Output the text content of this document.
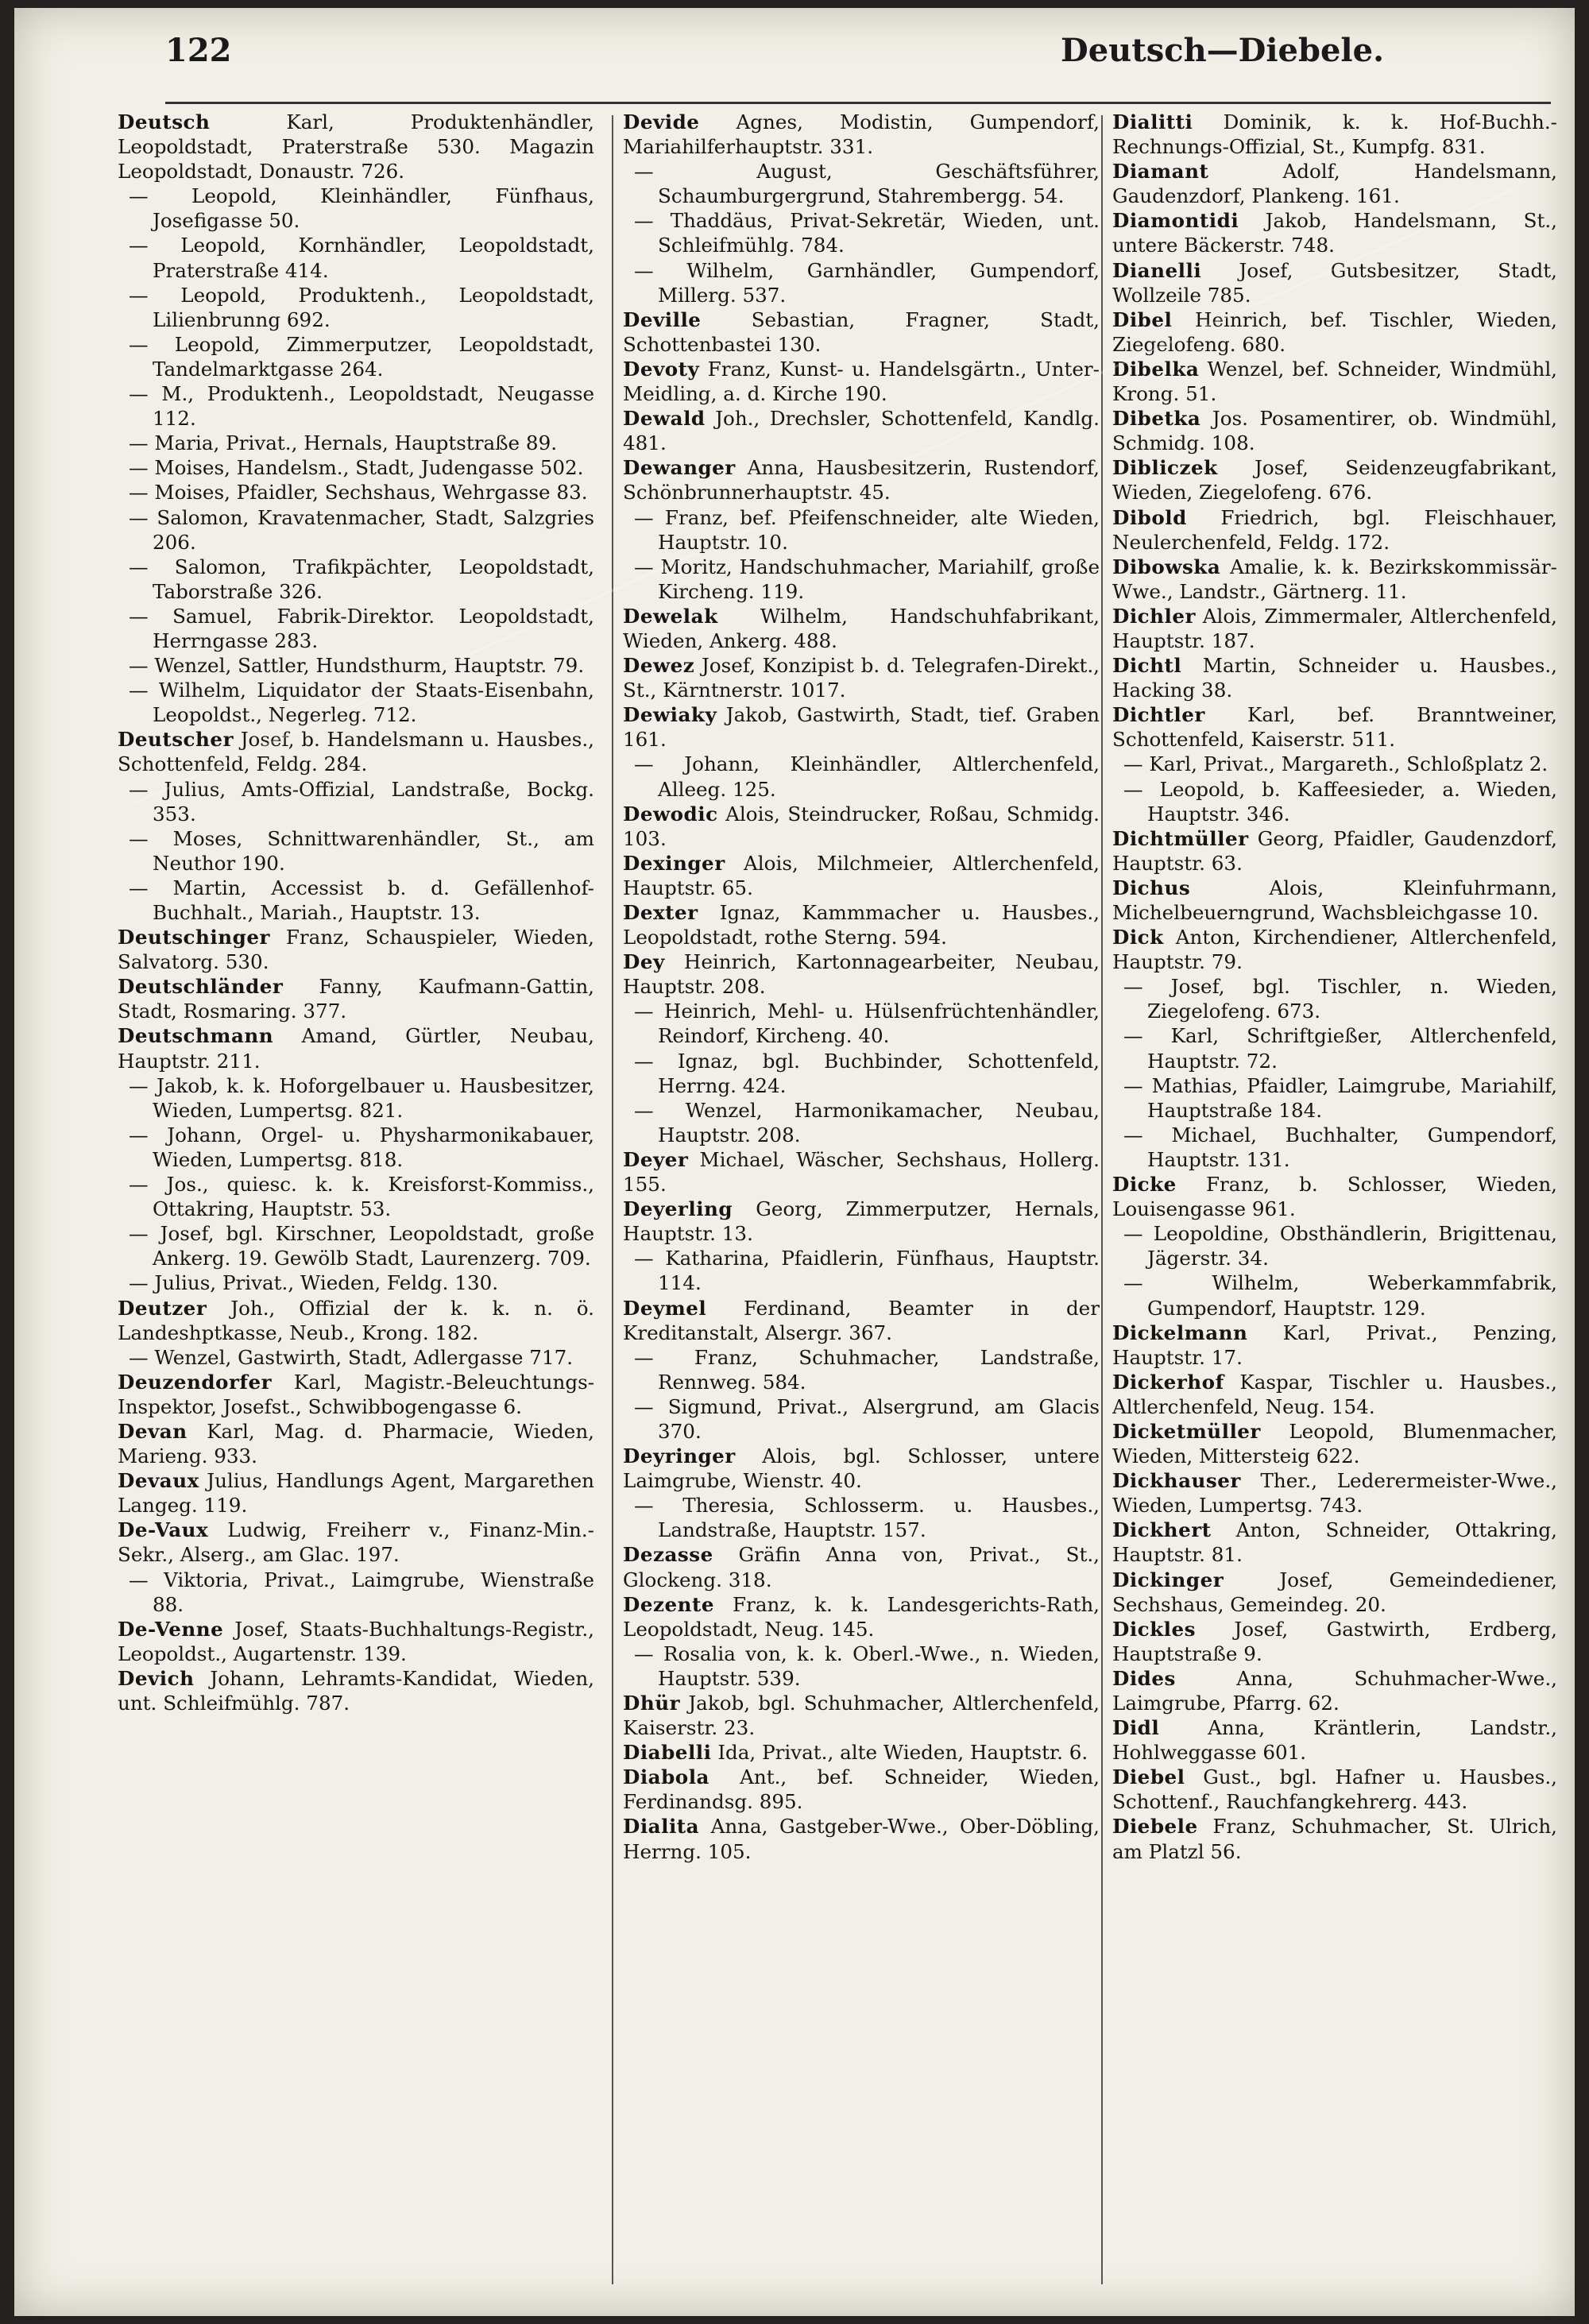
122	Deutsch—Diebele.

Deutsch	Karl, Produktenhändler, Leopoldstadt, Praterstraße 530. Magazin Leopoldstadt, Donaustr. 726.

— Leopold, Kleinhändler, Fünfhaus, Josefigasse 50.

— Leopold, Kornhändler, Leopoldstadt, Praterstraße 414.

— Leopold, Produktenh., Leopoldstadt, Lilienbrunng 692.

— Leopold, Zimmerputzer, Leopoldstadt, Tandelmarktgasse 264.

— M., Produktenh., Leopoldstadt, Neugasse 112.

— Maria, Privat., Hernals, Hauptstraße 89.

— Moises, Handelsm., Stadt, Judengasse 502.

— Moises, Pfaidler, Sechshaus, Wehrgasse 83.

— Salomon, Kravatenmacher, Stadt, Salzgries 206.

— Salomon, Trafikpächter, Leopoldstadt, Taborstraße 326.

— Samuel, Fabrik-Direktor. Leopoldstadt, Herrngasse 283.

— Wenzel, Sattler, Hundsthurm, Hauptstr. 79.

— Wilhelm, Liquidator der Staats-Eisenbahn, Leopoldst., Negerleg. 712.

Deutscher Josef, b. Handelsmann u. Hausbes., Schottenfeld, Feldg. 284.

— Julius, Amts-Offizial, Landstraße, Bockg. 353.

— Moses, Schnittwarenhändler, St., am Neuthor 190.

— Martin, Accessist b. d. Gefällenhof-Buchhalt., Mariah., Hauptstr. 13.

Deutschinger Franz, Schauspieler, Wieden, Salvatorg. 530.

Deutschländer Fanny, Kaufmann-Gattin, Stadt, Rosmaring. 377.

Deutschmann Amand, Gürtler, Neubau, Hauptstr. 211.

— Jakob, k. k. Hoforgelbauer u. Hausbesitzer, Wieden, Lumpertsg. 821.

— Johann, Orgel- u. Physharmonikabauer, Wieden, Lumpertsg. 818.

— Jos., quiesc. k. k. Kreisforst-Kommiss., Ottakring, Hauptstr. 53.

— Josef, bgl. Kirschner, Leopoldstadt, große Ankerg. 19. Gewölb Stadt, Laurenzerg. 709.

— Julius, Privat., Wieden, Feldg. 130.

Deutzer Joh., Offizial der k. k. n. ö. Landeshptkasse, Neub., Krong. 182.

— Wenzel, Gastwirth, Stadt, Adlergasse 717.

Deuzendorfer Karl, Magistr.-Beleuchtungs-Inspektor, Josefst., Schwibbogengasse 6.

Devan Karl, Mag. d. Pharmacie, Wieden, Marieng. 933.

Devaux Julius, Handlungs Agent, Margarethen Langeg. 119.

De-Vaux Ludwig, Freiherr v., Finanz-Min.-Sekr., Alserg., am Glac. 197.

— Viktoria, Privat., Laimgrube, Wienstraße 88.

De-Venne Josef, Staats-Buchhaltungs-Registr., Leopoldst., Augartenstr. 139.

Devich Johann, Lehramts-Kandidat, Wieden, unt. Schleifmühlg. 787.

Devide Agnes, Modistin, Gumpendorf, Mariahilferhauptstr. 331.

— August, Geschäftsführer, Schaumburgergrund, Stahrembergg. 54.

— Thaddäus, Privat-Sekretär, Wieden, unt. Schleifmühlg. 784.

— Wilhelm, Garnhändler, Gumpendorf, Millerg. 537.

Deville	Sebastian, Fragner, Stadt, Schottenbastei 130.

Devoty Franz, Kunst- u. Handelsgärtn., Unter-Meidling, a. d. Kirche 190.

Dewald Joh., Drechsler, Schottenfeld, Kandlg. 481.

Dewanger Anna, Hausbesitzerin, Rustendorf, Schönbrunnerhauptstr. 45.

— Franz, bef. Pfeifenschneider, alte Wieden, Hauptstr. 10.

— Moritz, Handschuhmacher, Mariahilf, große Kircheng. 119.

Dewelak Wilhelm, Handschuhfabrikant, Wieden, Ankerg. 488.

Dewez Josef, Konzipist b. d. Telegrafen-Direkt., St., Kärntnerstr. 1017.

Dewiaky Jakob, Gastwirth, Stadt, tief. Graben 161.

— Johann, Kleinhändler, Altlerchenfeld, Alleeg. 125.

Dewodic Alois, Steindrucker, Roßau, Schmidg. 103.

Dexinger Alois, Milchmeier, Altlerchenfeld, Hauptstr. 65.

Dexter Ignaz, Kammmacher u. Hausbes., Leopoldstadt, rothe Sterng. 594.

Dey Heinrich, Kartonnagearbeiter, Neubau, Hauptstr. 208.

— Heinrich, Mehl- u. Hülsenfrüchtenhändler, Reindorf, Kircheng. 40.

— Ignaz, bgl. Buchbinder, Schottenfeld, Herrng. 424.

— Wenzel, Harmonikamacher, Neubau, Hauptstr. 208.

Deyer Michael, Wäscher, Sechshaus, Hollerg. 155.

Deyerling Georg, Zimmerputzer, Hernals, Hauptstr. 13.

— Katharina, Pfaidlerin, Fünfhaus, Hauptstr. 114.

Deymel Ferdinand, Beamter in der Kreditanstalt, Alsergr. 367.

— Franz, Schuhmacher, Landstraße, Rennweg. 584.

— Sigmund, Privat., Alsergrund, am Glacis 370.

Deyringer Alois, bgl. Schlosser, untere Laimgrube, Wienstr. 40.

— Theresia, Schlosserm. u. Hausbes., Landstraße, Hauptstr. 157.

Dezasse Gräfin Anna von, Privat., St., Glockeng. 318.

Dezente Franz, k. k. Landesgerichts-Rath, Leopoldstadt, Neug. 145.

— Rosalia von, k. k. Oberl.-Wwe., n. Wieden, Hauptstr. 539.

Dhür Jakob, bgl. Schuhmacher, Altlerchenfeld, Kaiserstr. 23.

Diabelli Ida, Privat., alte Wieden, Hauptstr. 6.

Diabola Ant., bef. Schneider, Wieden, Ferdinandsg. 895.

Dialita Anna, Gastgeber-Wwe., Ober-Döbling, Herrng. 105.

Dialitti Dominik, k. k. Hof-Buchh.-Rechnungs-Offizial, St., Kumpfg. 831.

Diamant	Adolf, Handelsmann, Gaudenzdorf, Plankeng. 161.

Diamontidi Jakob, Handelsmann, St., untere Bäckerstr. 748.

Dianelli Josef, Gutsbesitzer, Stadt, Wollzeile 785.

Dibel Heinrich, bef. Tischler, Wieden, Ziegelofeng. 680.

Dibelka Wenzel, bef. Schneider, Windmühl, Krong. 51.

Dibetka Jos. Posamentirer, ob. Windmühl, Schmidg. 108.

Dibliczek Josef, Seidenzeugfabrikant, Wieden, Ziegelofeng. 676.

Dibold Friedrich, bgl. Fleischhauer, Neulerchenfeld, Feldg. 172.

Dibowska Amalie, k. k. Bezirkskommissär-Wwe., Landstr., Gärtnerg. 11.

Dichler Alois, Zimmermaler, Altlerchenfeld, Hauptstr. 187.

Dichtl Martin, Schneider u. Hausbes., Hacking 38.

Dichtler Karl, bef. Branntweiner, Schottenfeld, Kaiserstr. 511.

— Karl, Privat., Margareth., Schloßplatz 2.

— Leopold, b. Kaffeesieder, a. Wieden, Hauptstr. 346.

Dichtmüller Georg, Pfaidler, Gaudenzdorf, Hauptstr. 63.

Dichus	Alois, Kleinfuhrmann, Michelbeuerngrund, Wachsbleichgasse 10.

Dick Anton, Kirchendiener, Altlerchenfeld, Hauptstr. 79.

— Josef, bgl. Tischler, n. Wieden, Ziegelofeng. 673.

— Karl, Schriftgießer, Altlerchenfeld, Hauptstr. 72.

— Mathias, Pfaidler, Laimgrube, Mariahilf, Hauptstraße 184.

— Michael, Buchhalter, Gumpendorf, Hauptstr. 131.

Dicke Franz, b. Schlosser, Wieden, Louisengasse 961.

— Leopoldine, Obsthändlerin, Brigittenau, Jägerstr. 34.

— Wilhelm, Weberkammfabrik, Gumpendorf, Hauptstr. 129.

Dickelmann Karl, Privat., Penzing, Hauptstr. 17.

Dickerhof Kaspar, Tischler u. Hausbes., Altlerchenfeld, Neug. 154.

Dicketmüller Leopold, Blumenmacher, Wieden, Mittersteig 622.

Dickhauser Ther., Lederermeister-Wwe., Wieden, Lumpertsg. 743.

Dickhert Anton, Schneider, Ottakring, Hauptstr. 81.

Dickinger	Josef, Gemeindediener, Sechshaus, Gemeindeg. 20.

Dickles Josef, Gastwirth, Erdberg, Hauptstraße 9.

Dides	Anna, Schuhmacher-Wwe., Laimgrube, Pfarrg. 62.

Didl Anna, Kräntlerin, Landstr., Hohlweggasse 601.

Diebel Gust., bgl. Hafner u. Hausbes., Schottenf., Rauchfangkehrerg. 443.

Diebele Franz, Schuhmacher, St. Ulrich, am Platzl 56.
